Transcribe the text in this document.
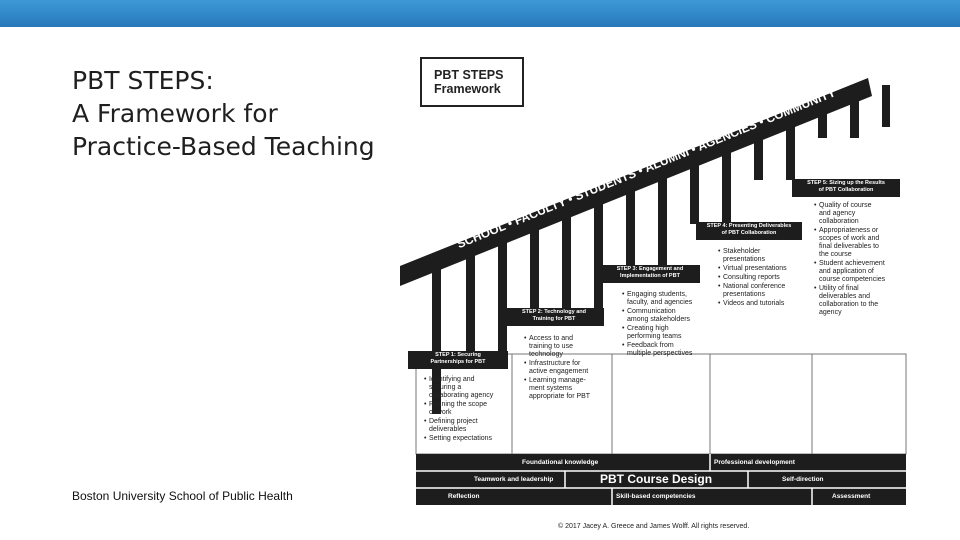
PBT STEPS:
A Framework for
Practice-Based Teaching
Boston University School of Public Health
SCHOOL • FACULTY • STUDENTS • ALUMNI • AGENCIES • COMMUNITY
PBT STEPS
Framework
STEP 1: Securing
Partnerships for PBT
• Identifying and
securing a
collaborating agency
• Refining the scope
of work
• Defining project
deliverables
• Setting expectations
STEP 2: Technology and
Training for PBT
• Access to and
training to use
technology
• Infrastructure for
active engagement
• Learning manage-
ment systems
appropriate for PBT
STEP 3: Engagement and
Implementation of PBT
• Engaging students,
faculty, and agencies
• Communication
among stakeholders
• Creating high
performing teams
• Feedback from
multiple perspectives
STEP 4: Presenting Deliverables
of PBT Collaboration
• Stakeholder
presentations
• Virtual presentations
• Consulting reports
• National conference
presentations
• Videos and tutorials
STEP 5: Sizing up the Results
of PBT Collaboration
• Quality of course
and agency
collaboration
• Appropriateness or
scopes of work and
final deliverables to
the course
• Student achievement
and application of
course competencies
• Utility of final
deliverables and
collaboration to the
agency
Foundational knowledge	Professional development
Teamwork and leadership	PBT Course Design	Self-direction
Reflection	Skill-based competencies	Assessment
© 2017 Jacey A. Greece and James Wolff. All rights reserved.
